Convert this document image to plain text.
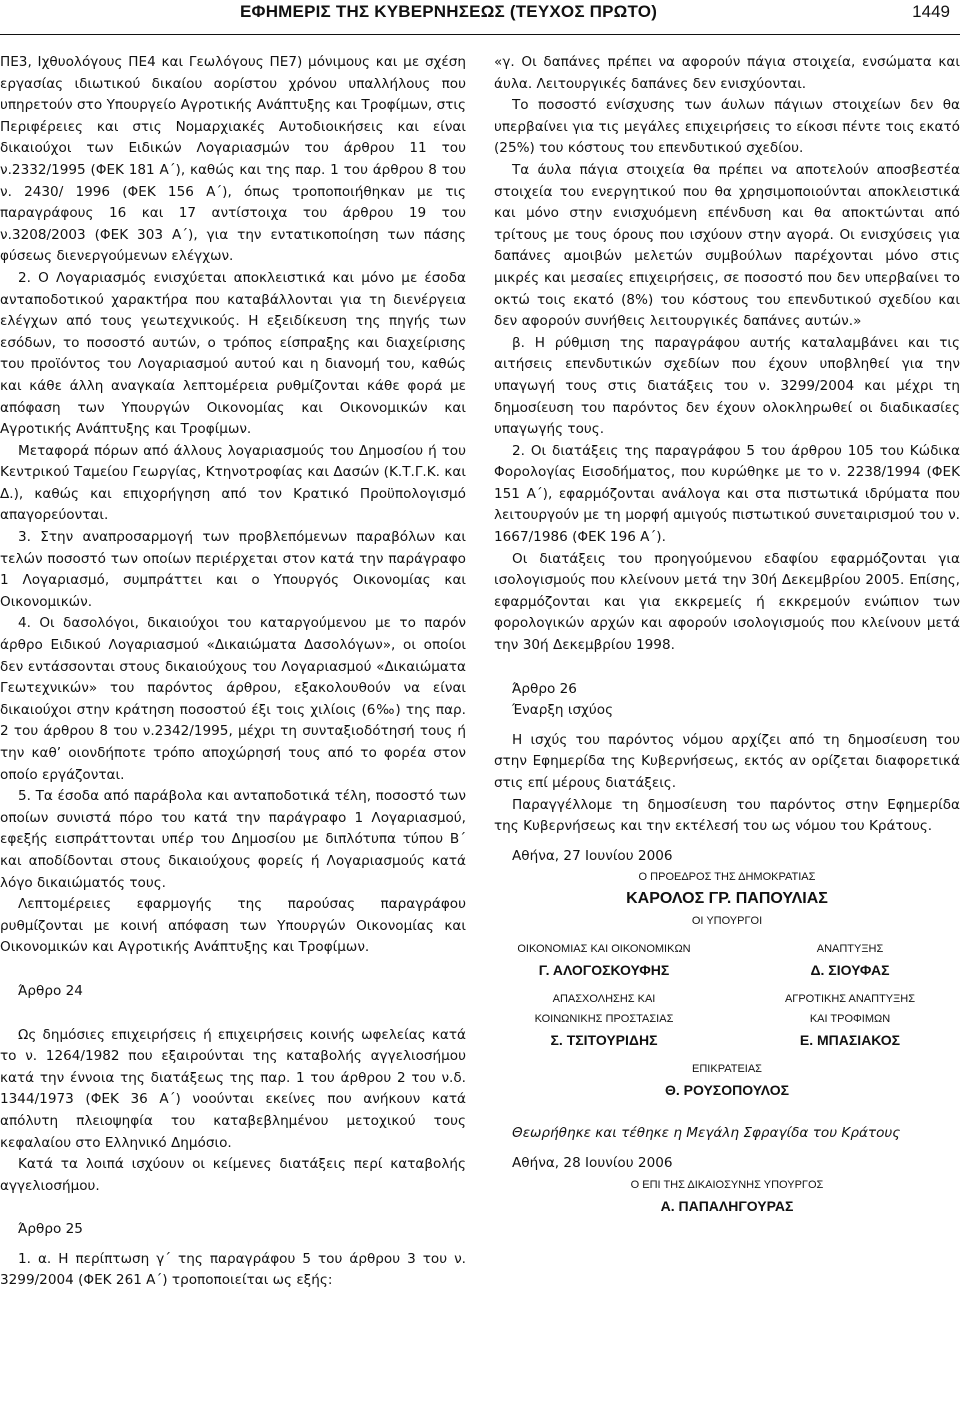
ΕΦΗΜΕΡΙΣ ΤΗΣ ΚΥΒΕΡΝΗΣΕΩΣ (ΤΕΥΧΟΣ ΠΡΩΤΟ)	1449

ΠΕ3, Ιχθυολόγους ΠΕ4 και Γεωλόγους ΠΕ7) μόνιμους και με σχέση εργασίας ιδιωτικού δικαίου αορίστου χρόνου υπαλλήλους που υπηρετούν στο Υπουργείο Αγροτικής Ανάπτυξης και Τροφίμων, στις Περιφέρειες και στις Νομαρχιακές Αυτοδιοικήσεις και είναι δικαιούχοι των Ειδικών Λογαριασμών του άρθρου 11 του ν.2332/1995 (ΦΕΚ 181 Α΄), καθώς και της παρ. 1 του άρθρου 8 του ν. 2430/ 1996 (ΦΕΚ 156 Α΄), όπως τροποποιήθηκαν με τις παραγράφους 16 και 17 αντίστοιχα του άρθρου 19 του ν.3208/2003 (ΦΕΚ 303 Α΄), για την εντατικοποίηση των πάσης φύσεως διενεργούμενων ελέγχων.

2. Ο Λογαριασμός ενισχύεται αποκλειστικά και μόνο με έσοδα ανταποδοτικού χαρακτήρα που καταβάλλονται για τη διενέργεια ελέγχων από τους γεωτεχνικούς. Η εξειδίκευση της πηγής των εσόδων, το ποσοστό αυτών, ο τρόπος είσπραξης και διαχείρισης του προϊόντος του Λογαριασμού αυτού και η διανομή του, καθώς και κάθε άλλη αναγκαία λεπτομέρεια ρυθμίζονται κάθε φορά με απόφαση των Υπουργών Οικονομίας και Οικονομικών και Αγροτικής Ανάπτυξης και Τροφίμων.

Μεταφορά πόρων από άλλους λογαριασμούς του Δημοσίου ή του Κεντρικού Ταμείου Γεωργίας, Κτηνοτροφίας και Δασών (Κ.Τ.Γ.Κ. και Δ.), καθώς και επιχορήγηση από τον Κρατικό Προϋπολογισμό απαγορεύονται.

3. Στην αναπροσαρμογή των προβλεπόμενων παραβόλων και τελών ποσοστό των οποίων περιέρχεται στον κατά την παράγραφο 1 Λογαριασμό, συμπράττει και ο Υπουργός Οικονομίας και Οικονομικών.

4. Οι δασολόγοι, δικαιούχοι του καταργούμενου με το παρόν άρθρο Ειδικού Λογαριασμού «Δικαιώματα Δασολόγων», οι οποίοι δεν εντάσσονται στους δικαιούχους του Λογαριασμού «Δικαιώματα Γεωτεχνικών» του παρόντος άρθρου, εξακολουθούν να είναι δικαιούχοι στην κράτηση ποσοστού έξι τοις χιλίοις (6‰) της παρ. 2 του άρθρου 8 του ν.2342/1995, μέχρι τη συνταξιοδότησή τους ή την καθ’ οιονδήποτε τρόπο αποχώρησή τους από το φορέα στον οποίο εργάζονται.

5. Τα έσοδα από παράβολα και ανταποδοτικά τέλη, ποσοστό των οποίων συνιστά πόρο του κατά την παράγραφο 1 Λογαριασμού, εφεξής εισπράττονται υπέρ του Δημοσίου με διπλότυπα τύπου Β΄ και αποδίδονται στους δικαιούχους φορείς ή Λογαριασμούς κατά λόγο δικαιώματός τους.

Λεπτομέρειες εφαρμογής της παρούσας παραγράφου ρυθμίζονται με κοινή απόφαση των Υπουργών Οικονομίας και Οικονομικών και Αγροτικής Ανάπτυξης και Τροφίμων.

Άρθρο 24

Ως δημόσιες επιχειρήσεις ή επιχειρήσεις κοινής ωφελείας κατά το ν. 1264/1982 που εξαιρούνται της καταβολής αγγελιοσήμου κατά την έννοια της διατάξεως της παρ. 1 του άρθρου 2 του ν.δ. 1344/1973 (ΦΕΚ 36 Α΄) νοούνται εκείνες που ανήκουν κατά απόλυτη πλειοψηφία του καταβεβλημένου μετοχικού τους κεφαλαίου στο Ελληνικό Δημόσιο.

Κατά τα λοιπά ισχύουν οι κείμενες διατάξεις περί καταβολής αγγελιοσήμου.

Άρθρο 25

1. α. Η περίπτωση γ΄ της παραγράφου 5 του άρθρου 3 του ν. 3299/2004 (ΦΕΚ 261 Α΄) τροποποιείται ως εξής:

«γ. Οι δαπάνες πρέπει να αφορούν πάγια στοιχεία, ενσώματα και άυλα. Λειτουργικές δαπάνες δεν ενισχύονται.

Το ποσοστό ενίσχυσης των άυλων πάγιων στοιχείων δεν θα υπερβαίνει για τις μεγάλες επιχειρήσεις το είκοσι πέντε τοις εκατό (25%) του κόστους του επενδυτικού σχεδίου.

Τα άυλα πάγια στοιχεία θα πρέπει να αποτελούν αποσβεστέα στοιχεία του ενεργητικού που θα χρησιμοποιούνται αποκλειστικά και μόνο στην ενισχυόμενη επένδυση και θα αποκτώνται από τρίτους με τους όρους που ισχύουν στην αγορά. Οι ενισχύσεις για δαπάνες αμοιβών μελετών συμβούλων παρέχονται μόνο στις μικρές και μεσαίες επιχειρήσεις, σε ποσοστό που δεν υπερβαίνει το οκτώ τοις εκατό (8%) του κόστους του επενδυτικού σχεδίου και δεν αφορούν συνήθεις λειτουργικές δαπάνες αυτών.»

β. Η ρύθμιση της παραγράφου αυτής καταλαμβάνει και τις αιτήσεις επενδυτικών σχεδίων που έχουν υποβληθεί για την υπαγωγή τους στις διατάξεις του ν. 3299/2004 και μέχρι τη δημοσίευση του παρόντος δεν έχουν ολοκληρωθεί οι διαδικασίες υπαγωγής τους.

2. Οι διατάξεις της παραγράφου 5 του άρθρου 105 του Κώδικα Φορολογίας Εισοδήματος, που κυρώθηκε με το ν. 2238/1994 (ΦΕΚ 151 Α΄), εφαρμόζονται ανάλογα και στα πιστωτικά ιδρύματα που λειτουργούν με τη μορφή αμιγούς πιστωτικού συνεταιρισμού του ν. 1667/1986 (ΦΕΚ 196 Α΄).

Οι διατάξεις του προηγούμενου εδαφίου εφαρμόζονται για ισολογισμούς που κλείνουν μετά την 30ή Δεκεμβρίου 2005. Επίσης, εφαρμόζονται και για εκκρεμείς ή εκκρεμούν ενώπιον των φορολογικών αρχών και αφορούν ισολογισμούς που κλείνουν μετά την 30ή Δεκεμβρίου 1998.

Άρθρο 26

Έναρξη ισχύος

Η ισχύς του παρόντος νόμου αρχίζει από τη δημοσίευση του στην Εφημερίδα της Κυβερνήσεως, εκτός αν ορίζεται διαφορετικά στις επί μέρους διατάξεις.

Παραγγέλλομε τη δημοσίευση του παρόντος στην Εφημερίδα της Κυβερνήσεως και την εκτέλεσή του ως νόμου του Κράτους.

Αθήνα, 27 Ιουνίου 2006

Ο ΠΡΟΕΔΡΟΣ ΤΗΣ ΔΗΜΟΚΡΑΤΙΑΣ
ΚΑΡΟΛΟΣ ΓΡ. ΠΑΠΟΥΛΙΑΣ
ΟΙ ΥΠΟΥΡΓΟΙ
ΟΙΚΟΝΟΜΙΑΣ ΚΑΙ ΟΙΚΟΝΟΜΙΚΩΝ
Γ. ΑΛΟΓΟΣΚΟΥΦΗΣ
ΑΝΑΠΤΥΞΗΣ
Δ. ΣΙΟΥΦΑΣ
ΑΠΑΣΧΟΛΗΣΗΣ ΚΑΙ
ΚΟΙΝΩΝΙΚΗΣ ΠΡΟΣΤΑΣΙΑΣ
Σ. ΤΣΙΤΟΥΡΙΔΗΣ
ΑΓΡΟΤΙΚΗΣ ΑΝΑΠΤΥΞΗΣ
ΚΑΙ ΤΡΟΦΙΜΩΝ
Ε. ΜΠΑΣΙΑΚΟΣ
ΕΠΙΚΡΑΤΕΙΑΣ
Θ. ΡΟΥΣΟΠΟΥΛΟΣ

Θεωρήθηκε και τέθηκε η Μεγάλη Σφραγίδα του Κράτους

Αθήνα, 28 Ιουνίου 2006

Ο ΕΠΙ ΤΗΣ ΔΙΚΑΙΟΣΥΝΗΣ ΥΠΟΥΡΓΟΣ
Α. ΠΑΠΑΛΗΓΟΥΡΑΣ
